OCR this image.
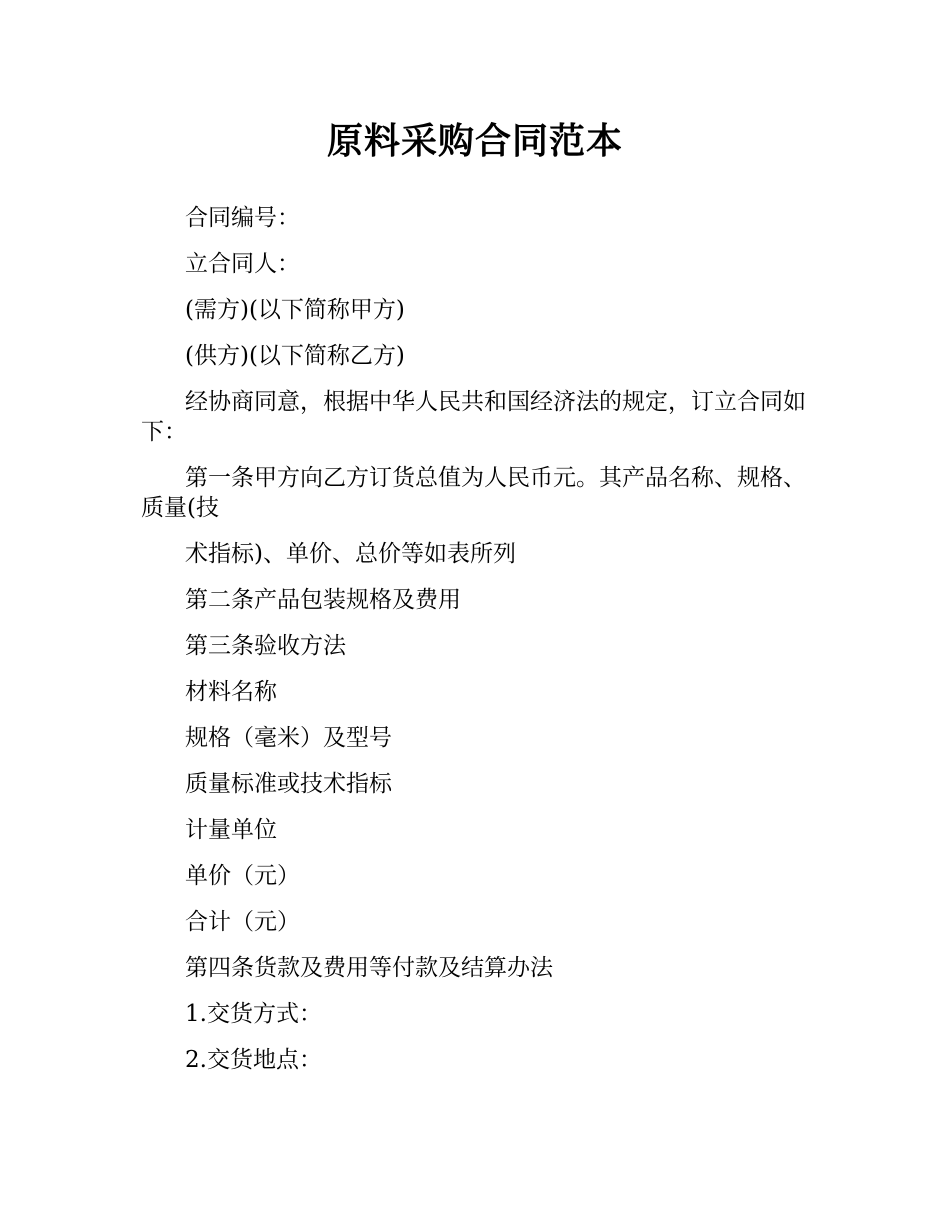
原料采购合同范本

合同编号：

立合同人：

(需方)(以下简称甲方)

(供方)(以下简称乙方)

经协商同意，根据中华人民共和国经济法的规定，订立合同如下：

第一条甲方向乙方订货总值为人民币元。其产品名称、规格、质量(技

术指标)、单价、总价等如表所列

第二条产品包装规格及费用

第三条验收方法

材料名称

规格（毫米）及型号

质量标准或技术指标

计量单位

单价（元）

合计（元）

第四条货款及费用等付款及结算办法

1.交货方式：

2.交货地点：
